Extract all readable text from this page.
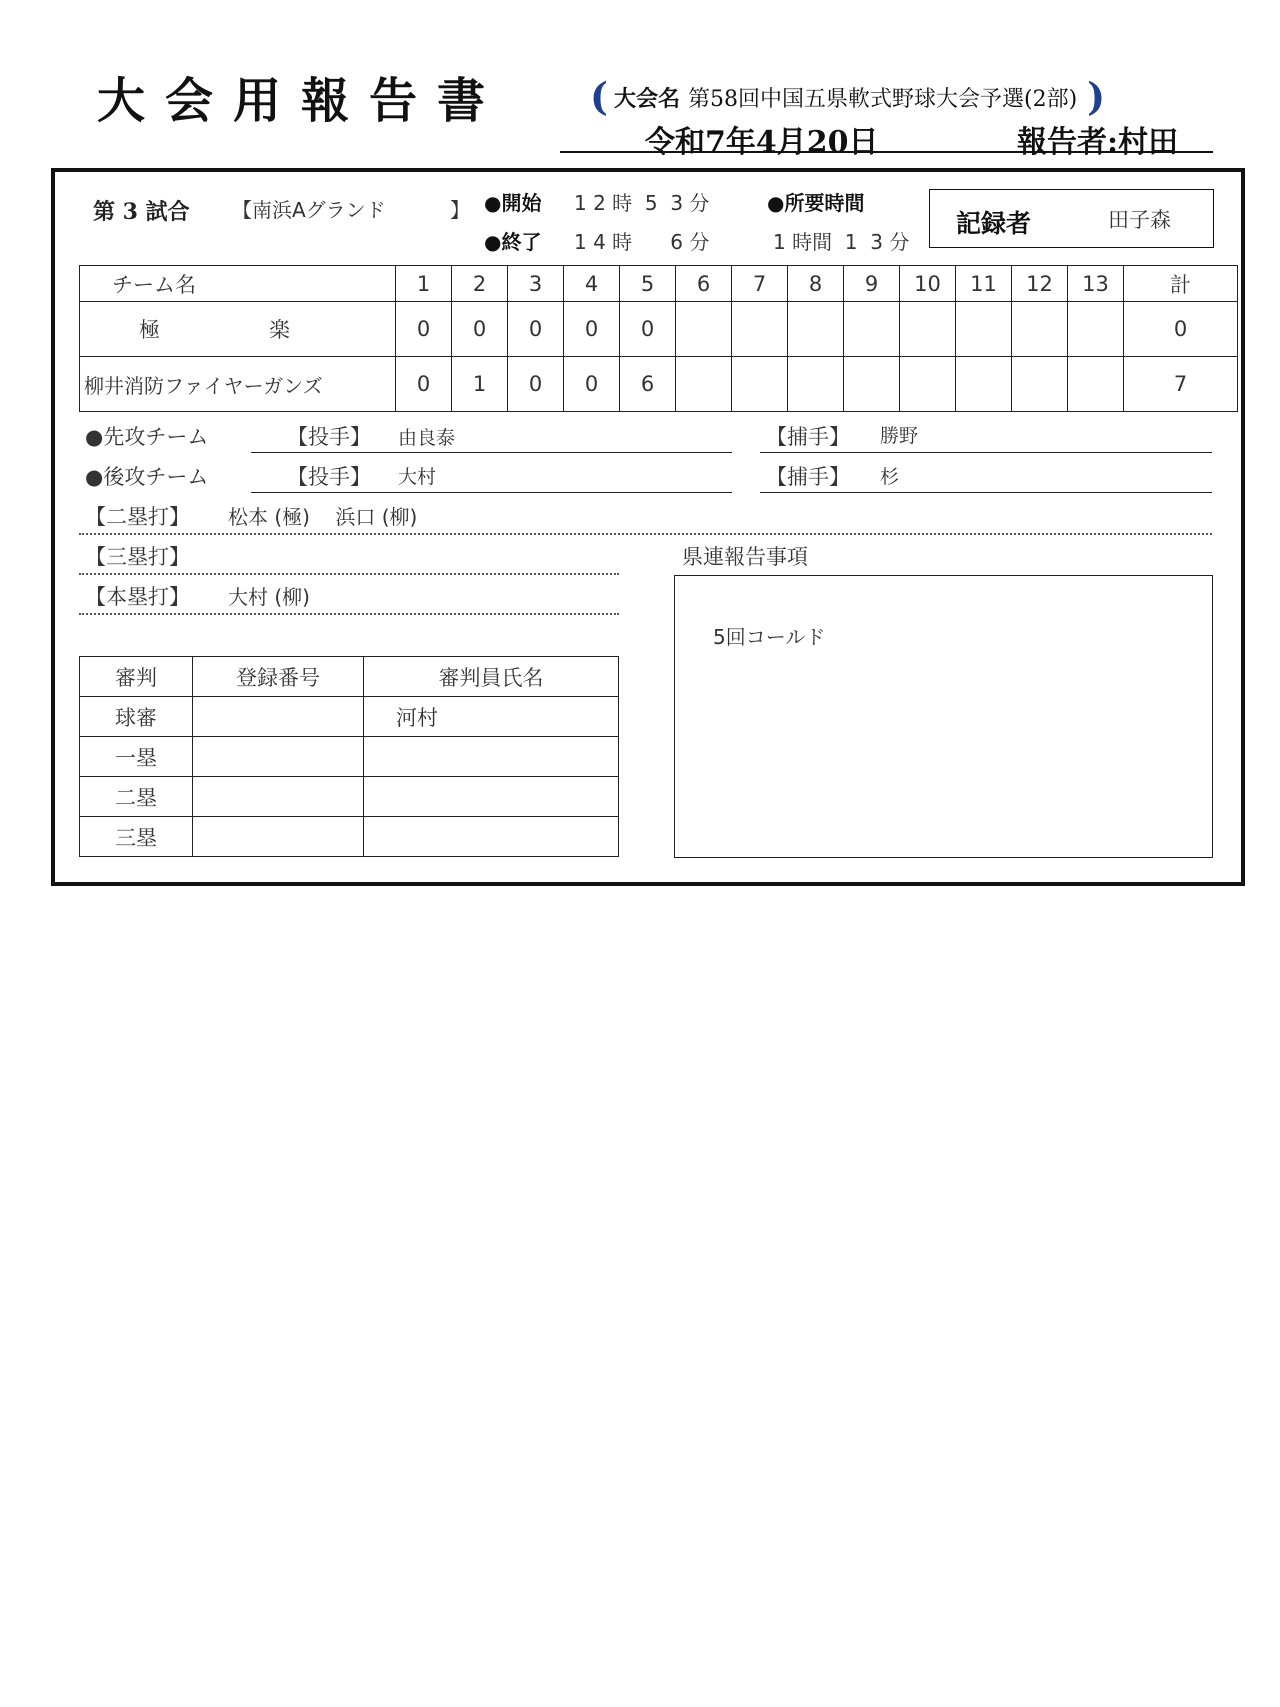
大会用報告書 ( 大会名 第58回中国五県軟式野球大会予選(2部) )
令和7年4月20日	報告者:村田
第 3 試合 【南浜Aグランド	】 ●開始 1 2 時  5  3 分
●終了 1 4 時      6 分
●所要時間
1 時間  1  3 分
記録者	田子森
チーム名	1	2	3	4	5	6	7	8	9	10	11	12	13	計
極 楽	0	0	0	0	0									0
柳井消防ファイヤーガンズ	0	1	0	0	6									7
●先攻チーム	【投手】 由良泰	【捕手】 勝野
●後攻チーム	【投手】 大村	【捕手】 杉
【二塁打】 松本 (極)    浜口 (柳)
【三塁打】
【本塁打】 大村 (柳)
県連報告事項
5回コールド
審判	登録番号	審判員氏名
球審		河村
一塁		
二塁		
三塁		
